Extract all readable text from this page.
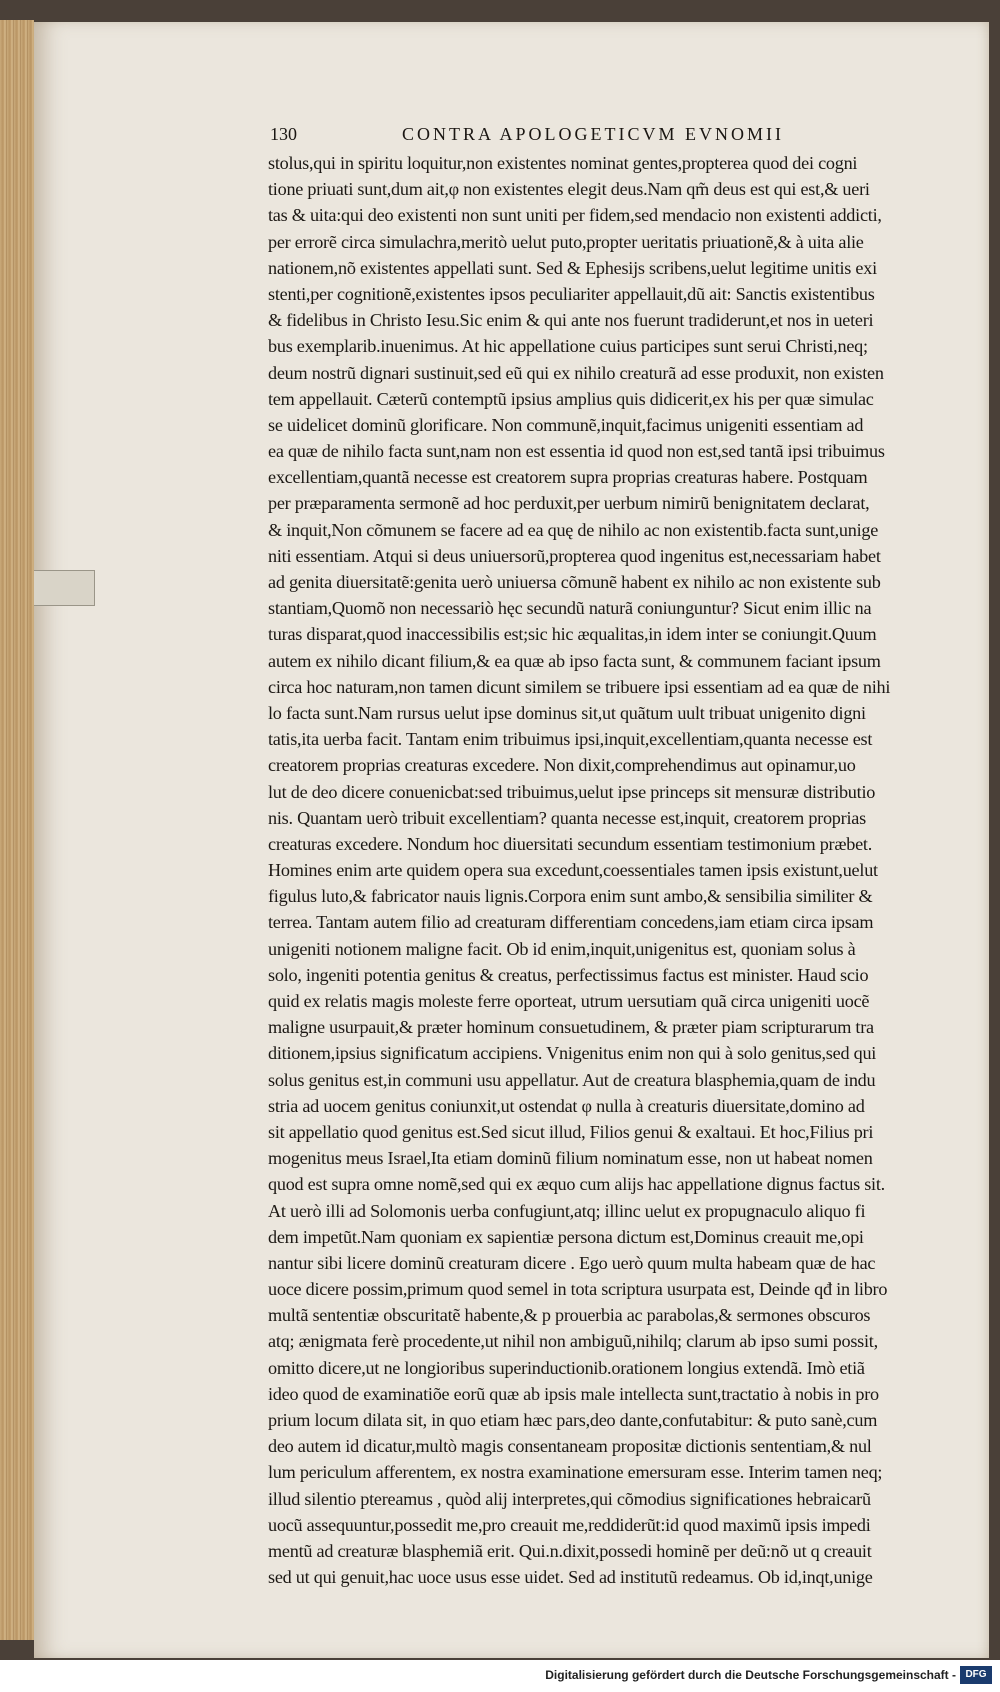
130	CONTRA APOLOGETICVM EVNOMII
stolus,qui in spiritu loquitur,non existentes nominat gentes,propterea quod dei cogni
tione priuati sunt,dum ait,φ non existentes elegit deus.Nam qm̃ deus est qui est,& ueri
tas & uita:qui deo existenti non sunt uniti per fidem,sed mendacio non existenti addicti,
per errorẽ circa simulachra,meritò uelut puto,propter ueritatis priuationẽ,& à uita alie
nationem,nõ existentes appellati sunt. Sed & Ephesijs scribens,uelut legitime unitis exi
stenti,per cognitionẽ,existentes ipsos peculiariter appellauit,dũ ait: Sanctis existentibus
& fidelibus in Christo Iesu.Sic enim & qui ante nos fuerunt tradiderunt,et nos in ueteri
bus exemplarib.inuenimus. At hic appellatione cuius participes sunt serui Christi,neq;
deum nostrũ dignari sustinuit,sed eũ qui ex nihilo creaturã ad esse produxit, non existen
tem appellauit. Cæterũ contemptũ ipsius amplius quis didicerit,ex his per quæ simulac
se uidelicet dominũ glorificare. Non communẽ,inquit,facimus unigeniti essentiam ad
ea quæ de nihilo facta sunt,nam non est essentia id quod non est,sed tantã ipsi tribuimus
excellentiam,quantã necesse est creatorem supra proprias creaturas habere. Postquam
per præparamenta sermonẽ ad hoc perduxit,per uerbum nimirũ benignitatem declarat,
& inquit,Non cõmunem se facere ad ea quę de nihilo ac non existentib.facta sunt,unige
niti essentiam. Atqui si deus uniuersorũ,propterea quod ingenitus est,necessariam habet
ad genita diuersitatẽ:genita uerò uniuersa cõmunẽ habent ex nihilo ac non existente sub
stantiam,Quomõ non necessariò hęc secundũ naturã coniunguntur? Sicut enim illic na
turas disparat,quod inaccessibilis est;sic hic æqualitas,in idem inter se coniungit.Quum
autem ex nihilo dicant filium,& ea quæ ab ipso facta sunt, & communem faciant ipsum
circa hoc naturam,non tamen dicunt similem se tribuere ipsi essentiam ad ea quæ de nihi
lo facta sunt.Nam rursus uelut ipse dominus sit,ut quãtum uult tribuat unigenito digni
tatis,ita uerba facit. Tantam enim tribuimus ipsi,inquit,excellentiam,quanta necesse est
creatorem proprias creaturas excedere. Non dixit,comprehendimus aut opinamur,uo
lut de deo dicere conuenicbat:sed tribuimus,uelut ipse princeps sit mensuræ distributio
nis. Quantam uerò tribuit excellentiam? quanta necesse est,inquit, creatorem proprias
creaturas excedere. Nondum hoc diuersitati secundum essentiam testimonium præbet.
Homines enim arte quidem opera sua excedunt,coessentiales tamen ipsis existunt,uelut
figulus luto,& fabricator nauis lignis.Corpora enim sunt ambo,& sensibilia similiter &
terrea. Tantam autem filio ad creaturam differentiam concedens,iam etiam circa ipsam
unigeniti notionem maligne facit. Ob id enim,inquit,unigenitus est, quoniam solus à
solo, ingeniti potentia genitus & creatus, perfectissimus factus est minister. Haud scio
quid ex relatis magis moleste ferre oporteat, utrum uersutiam quã circa unigeniti uocẽ
maligne usurpauit,& præter hominum consuetudinem, & præter piam scripturarum tra
ditionem,ipsius significatum accipiens. Vnigenitus enim non qui à solo genitus,sed qui
solus genitus est,in communi usu appellatur. Aut de creatura blasphemia,quam de indu
stria ad uocem genitus coniunxit,ut ostendat φ nulla à creaturis diuersitate,domino ad
sit appellatio quod genitus est.Sed sicut illud, Filios genui & exaltaui. Et hoc,Filius pri
mogenitus meus Israel,Ita etiam dominũ filium nominatum esse, non ut habeat nomen
quod est supra omne nomẽ,sed qui ex æquo cum alijs hac appellatione dignus factus sit.
At uerò illi ad Solomonis uerba confugiunt,atq; illinc uelut ex propugnaculo aliquo fi
dem impetũt.Nam quoniam ex sapientiæ persona dictum est,Dominus creauit me,opi
nantur sibi licere dominũ creaturam dicere . Ego uerò quum multa habeam quæ de hac
uoce dicere possim,primum quod semel in tota scriptura usurpata est, Deinde qđ in libro
multã sententiæ obscuritatẽ habente,& p prouerbia ac parabolas,& sermones obscuros
atq; ænigmata ferè procedente,ut nihil non ambiguũ,nihilq; clarum ab ipso sumi possit,
omitto dicere,ut ne longioribus superinductionib.orationem longius extendã. Imò etiã
ideo quod de examinatiõe eorũ quæ ab ipsis male intellecta sunt,tractatio à nobis in pro
prium locum dilata sit, in quo etiam hæc pars,deo dante,confutabitur: & puto sanè,cum
deo autem id dicatur,multò magis consentaneam propositæ dictionis sententiam,& nul
lum periculum afferentem, ex nostra examinatione emersuram esse. Interim tamen neq;
illud silentio ptereamus , quòd alij interpretes,qui cõmodius significationes hebraicarũ
uocũ assequuntur,possedit me,pro creauit me,reddiderũt:id quod maximũ ipsis impedi
mentũ ad creaturæ blasphemiã erit. Qui.n.dixit,possedi hominẽ per deũ:nõ ut q creauit
sed ut qui genuit,hac uoce usus esse uidet. Sed ad institutũ redeamus. Ob id,inqt,unige
Digitalisierung gefördert durch die Deutsche Forschungsgemeinschaft - DFG
